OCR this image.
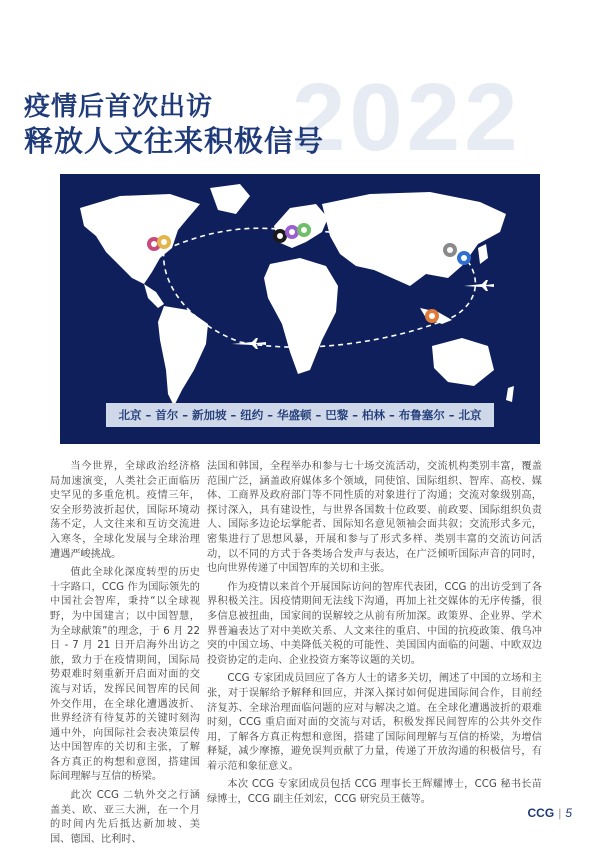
2022
疫情后首次出访
释放人文往来积极信号
北京 – 首尔 – 新加坡 – 纽约 – 华盛顿 – 巴黎 – 柏林 – 布鲁塞尔 – 北京

当今世界，全球政治经济格局加速演变，人类社会正面临历史罕见的多重危机。疫情三年，安全形势波折起伏，国际环境动荡不定，人文往来和互访交流进入寒冬，全球化发展与全球治理遭遇严峻挑战。

值此全球化深度转型的历史十字路口，CCG 作为国际领先的中国社会智库，秉持“以全球视野，为中国建言；以中国智慧，为全球献策”的理念，于 6 月 22 日 - 7 月 21 日开启海外出访之旅，致力于在疫情期间，国际局势艰难时刻重新开启面对面的交流与对话，发挥民间智库的民间外交作用，在全球化遭遇波折、世界经济有待复苏的关键时刻沟通中外，向国际社会表决策层传达中国智库的关切和主张，了解各方真正的构想和意图，搭建国际间理解与互信的桥梁。

此次 CCG 二轨外交之行涵盖美、欧、亚三大洲，在一个月的时间内先后抵达新加坡、美国、德国、比利时、

法国和韩国，全程举办和参与七十场交流活动，交流机构类别丰富，覆盖范围广泛，涵盖政府媒体多个领域，同使馆、国际组织、智库、高校、媒体、工商界及政府部门等不同性质的对象进行了沟通；交流对象级别高，探讨深入，具有建设性，与世界各国数十位政要、前政要、国际组织负责人、国际多边论坛掌舵者、国际知名意见领袖会面共叙；交流形式多元，密集进行了思想风暴，开展和参与了形式多样、类别丰富的交流访问活动，以不同的方式于各类场合发声与表达，在广泛倾听国际声音的同时，也向世界传递了中国智库的关切和主张。

作为疫情以来首个开展国际访问的智库代表团，CCG 的出访受到了各界积极关注。因疫情期间无法线下沟通，再加上社交媒体的无序传播，很多信息被扭曲，国家间的误解较之从前有所加深。政策界、企业界、学术界普遍表达了对中美欧关系、人文来往的重启、中国的抗疫政策、俄乌冲突的中国立场、中美降低关税的可能性、美国国内面临的问题、中欧双边投资协定的走向、企业投资方案等议题的关切。

CCG 专家团成员回应了各方人士的诸多关切，阐述了中国的立场和主张，对于误解给予解释和回应，并深入探讨如何促进国际间合作，目前经济复苏、全球治理面临问题的应对与解决之道。在全球化遭遇波折的艰难时刻，CCG 重启面对面的交流与对话，积极发挥民间智库的公共外交作用，了解各方真正构想和意图，搭建了国际间理解与互信的桥梁，为增信释疑，减少摩擦，避免误判贡献了力量，传递了开放沟通的积极信号，有着示范和象征意义。

本次 CCG 专家团成员包括 CCG 理事长王辉耀博士，CCG 秘书长苗绿博士，CCG 副主任刘宏，CCG 研究员王薇等。

CCG | 5
